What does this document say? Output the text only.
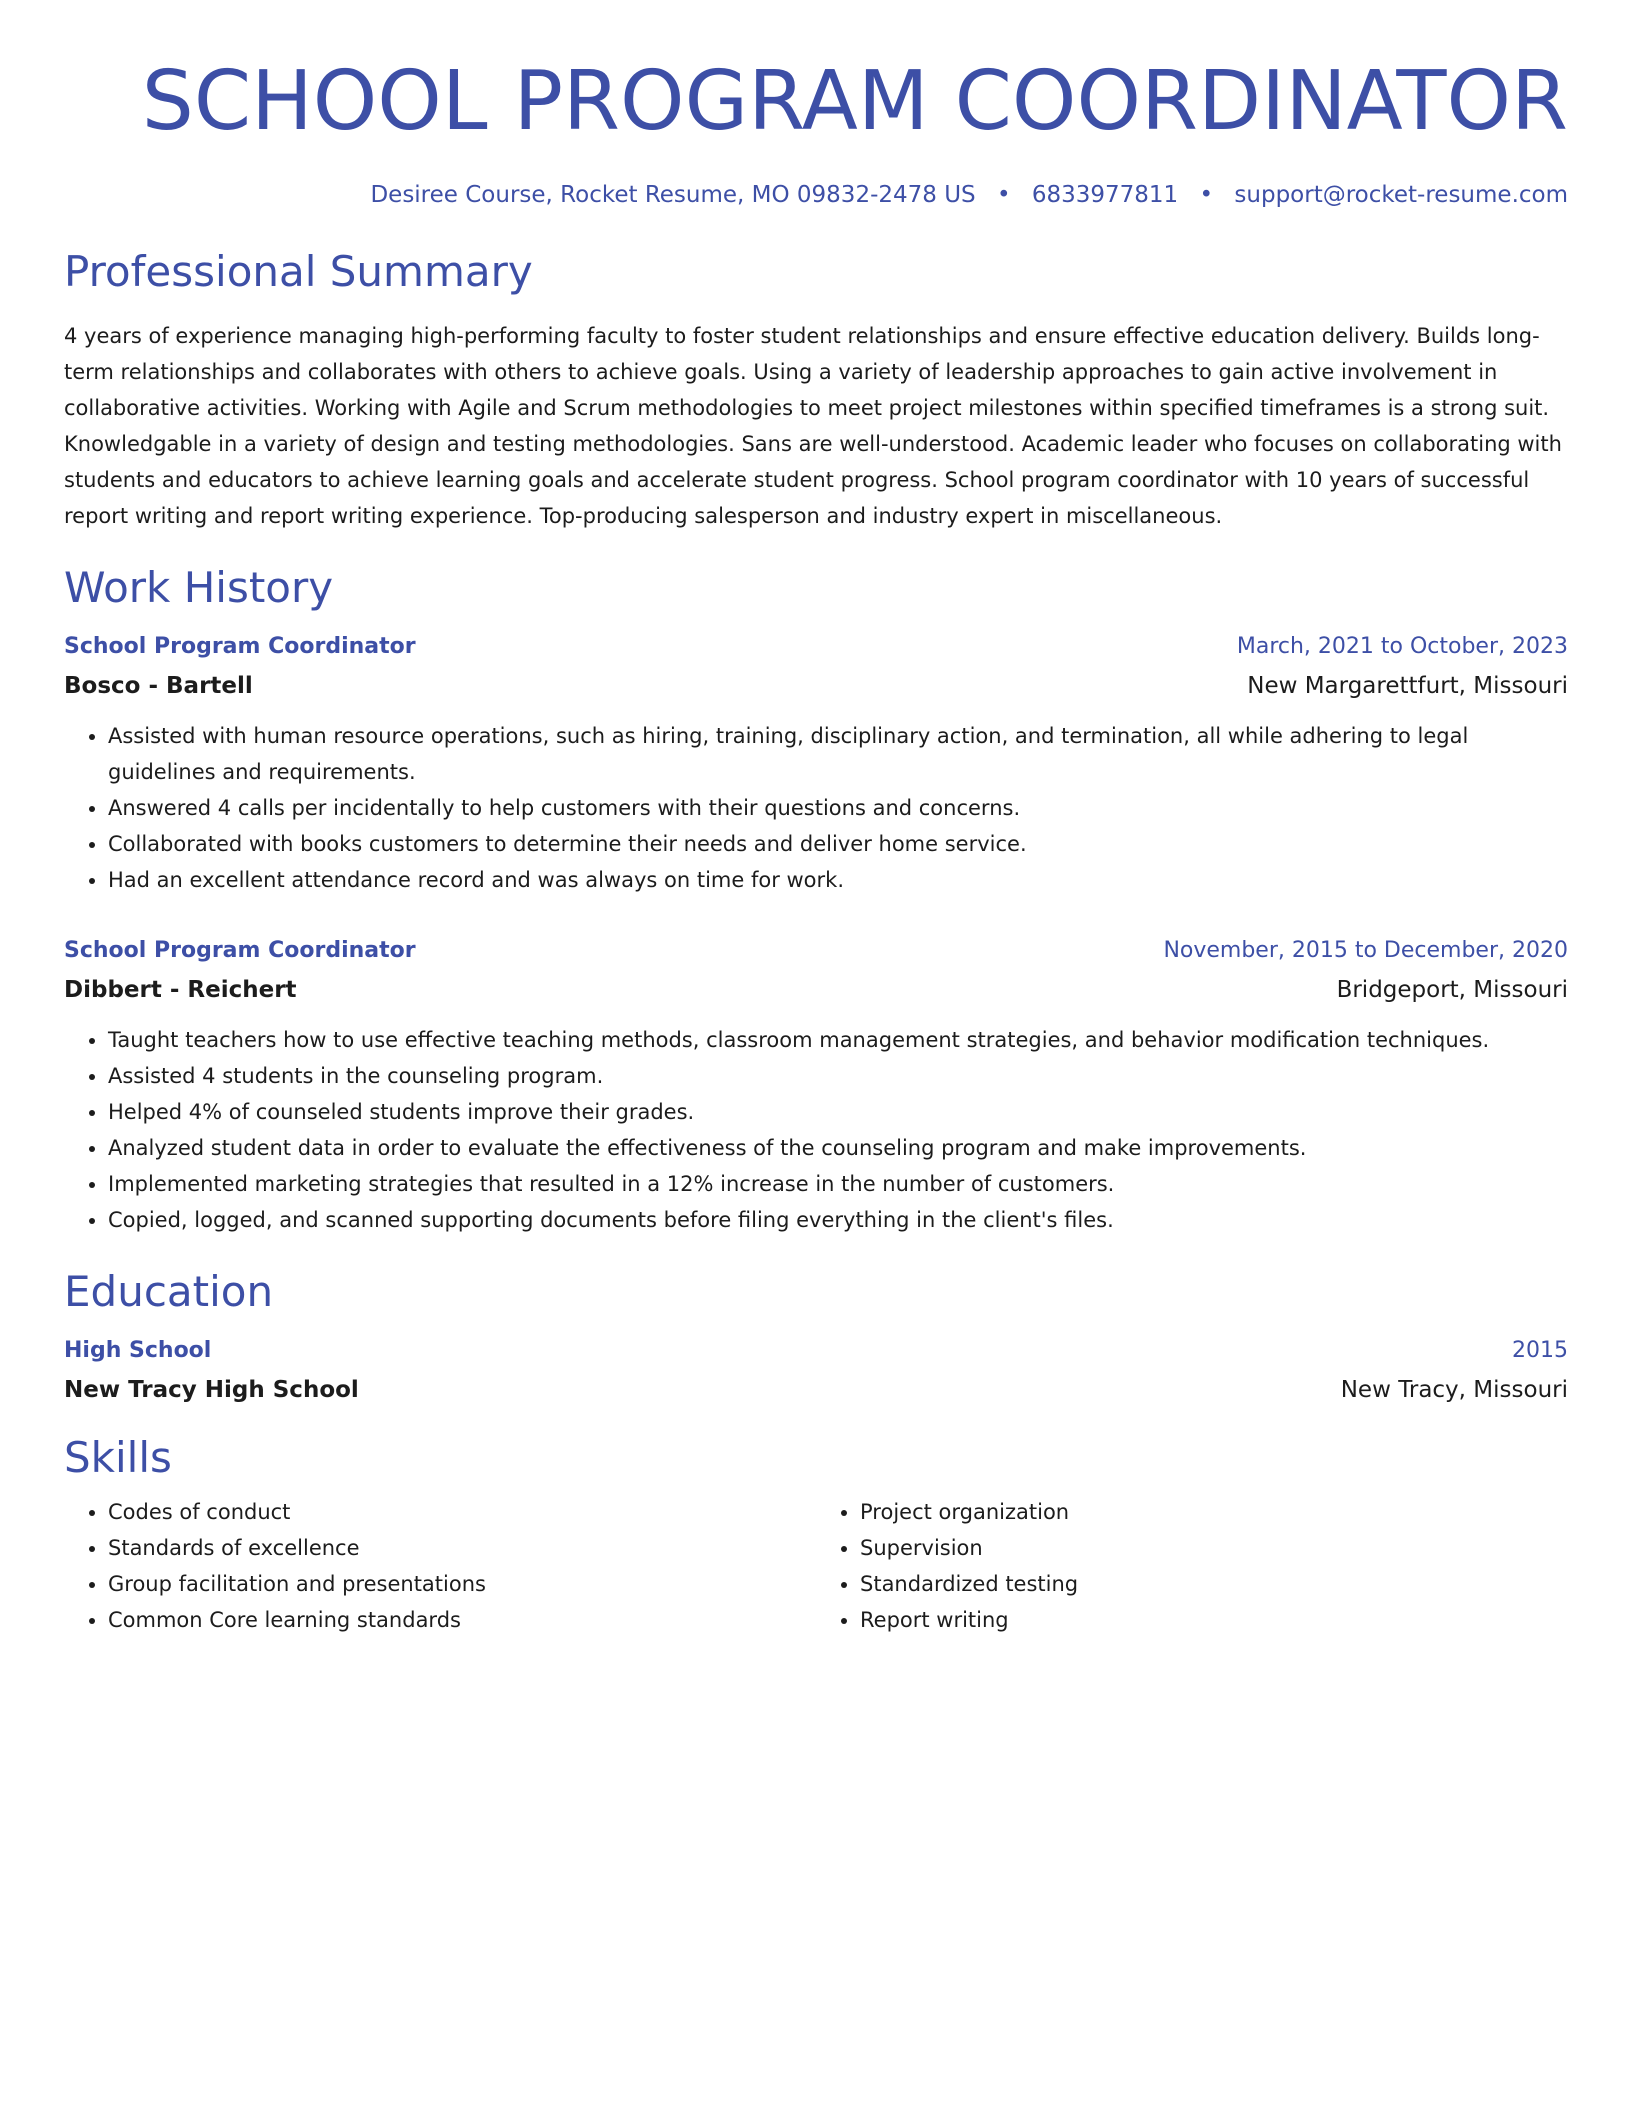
SCHOOL PROGRAM COORDINATOR
Desiree Course, Rocket Resume, MO 09832-2478 US • 6833977811 • support@rocket-resume.com
Professional Summary
4 years of experience managing high-performing faculty to foster student relationships and ensure effective education delivery. Builds long-term relationships and collaborates with others to achieve goals. Using a variety of leadership approaches to gain active involvement in collaborative activities. Working with Agile and Scrum methodologies to meet project milestones within specified timeframes is a strong suit. Knowledgable in a variety of design and testing methodologies. Sans are well-understood. Academic leader who focuses on collaborating with students and educators to achieve learning goals and accelerate student progress. School program coordinator with 10 years of successful report writing and report writing experience. Top-producing salesperson and industry expert in miscellaneous.
Work History
School Program Coordinator	March, 2021 to October, 2023
Bosco - Bartell	New Margarettfurt, Missouri
• Assisted with human resource operations, such as hiring, training, disciplinary action, and termination, all while adhering to legal guidelines and requirements.
• Answered 4 calls per incidentally to help customers with their questions and concerns.
• Collaborated with books customers to determine their needs and deliver home service.
• Had an excellent attendance record and was always on time for work.
School Program Coordinator	November, 2015 to December, 2020
Dibbert - Reichert	Bridgeport, Missouri
• Taught teachers how to use effective teaching methods, classroom management strategies, and behavior modification techniques.
• Assisted 4 students in the counseling program.
• Helped 4% of counseled students improve their grades.
• Analyzed student data in order to evaluate the effectiveness of the counseling program and make improvements.
• Implemented marketing strategies that resulted in a 12% increase in the number of customers.
• Copied, logged, and scanned supporting documents before filing everything in the client's files.
Education
High School	2015
New Tracy High School	New Tracy, Missouri
Skills
• Codes of conduct
• Standards of excellence
• Group facilitation and presentations
• Common Core learning standards
• Project organization
• Supervision
• Standardized testing
• Report writing
